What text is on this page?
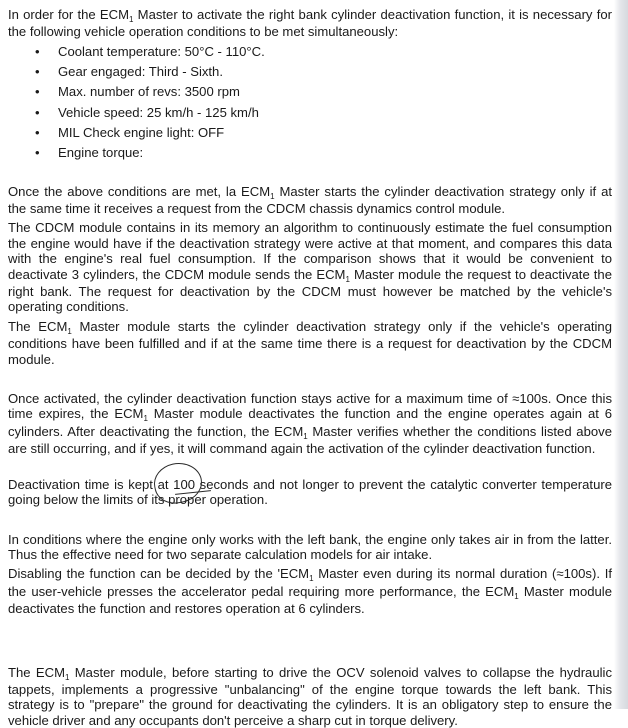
In order for the $ECM_1$ Master to activate the right bank cylinder deactivation function, it is necessary for the following vehicle operation conditions to be met simultaneously:

• Coolant temperature: 50°C - 110°C.
• Gear engaged: Third - Sixth.
• Max. number of revs: 3500 rpm
• Vehicle speed: 25 km/h - 125 km/h
• MIL Check engine light: OFF
• Engine torque:

Once the above conditions are met, la $ECM_1$ Master starts the cylinder deactivation strategy only if at the same time it receives a request from the CDCM chassis dynamics control module.

The CDCM module contains in its memory an algorithm to continuously estimate the fuel consumption the engine would have if the deactivation strategy were active at that moment, and compares this data with the engine's real fuel consumption. If the comparison shows that it would be convenient to deactivate 3 cylinders, the CDCM module sends the $ECM_1$ Master module the request to deactivate the right bank. The request for deactivation by the CDCM must however be matched by the vehicle's operating conditions.

The $ECM_1$ Master module starts the cylinder deactivation strategy only if the vehicle's operating conditions have been fulfilled and if at the same time there is a request for deactivation by the CDCM module.

Once activated, the cylinder deactivation function stays active for a maximum time of ≈100s. Once this time expires, the $ECM_1$ Master module deactivates the function and the engine operates again at 6 cylinders. After deactivating the function, the $ECM_1$ Master verifies whether the conditions listed above are still occurring, and if yes, it will command again the activation of the cylinder deactivation function.

Deactivation time is kept at 100 seconds and not longer to prevent the catalytic converter temperature going below the limits of its proper operation.

In conditions where the engine only works with the left bank, the engine only takes air in from the latter. Thus the effective need for two separate calculation models for air intake.

Disabling the function can be decided by the '$ECM_1$ Master even during its normal duration (≈100s). If the user-vehicle presses the accelerator pedal requiring more performance, the $ECM_1$ Master module deactivates the function and restores operation at 6 cylinders.

The $ECM_1$ Master module, before starting to drive the OCV solenoid valves to collapse the hydraulic tappets, implements a progressive "unbalancing" of the engine torque towards the left bank. This strategy is to "prepare" the ground for deactivating the cylinders. It is an obligatory step to ensure the vehicle driver and any occupants don't perceive a sharp cut in torque delivery.
